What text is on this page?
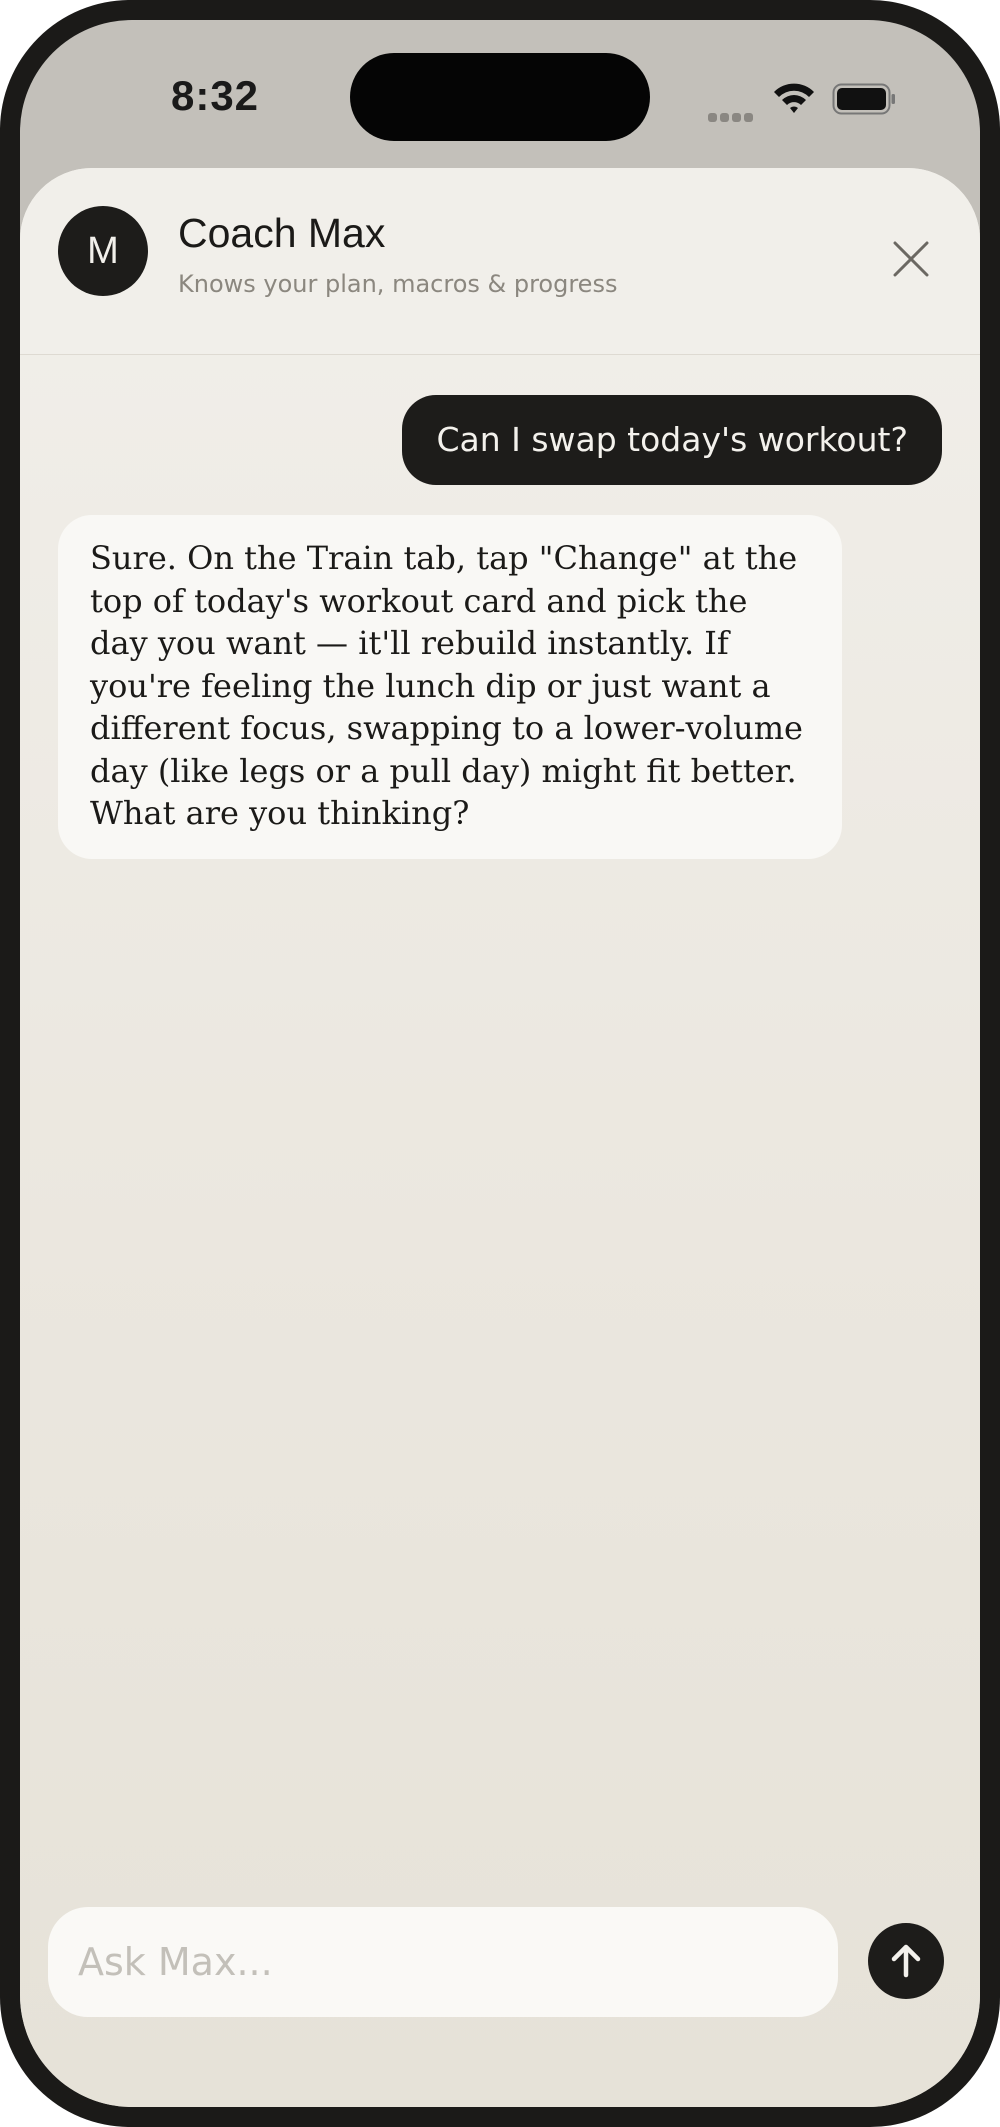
8:32
M	Coach Max
Knows your plan, macros & progress
Can I swap today's workout?
Sure. On the Train tab, tap "Change" at the top of today's workout card and pick the day you want — it'll rebuild instantly. If you're feeling the lunch dip or just want a different focus, swapping to a lower-volume day (like legs or a pull day) might fit better. What are you thinking?
Ask Max...
